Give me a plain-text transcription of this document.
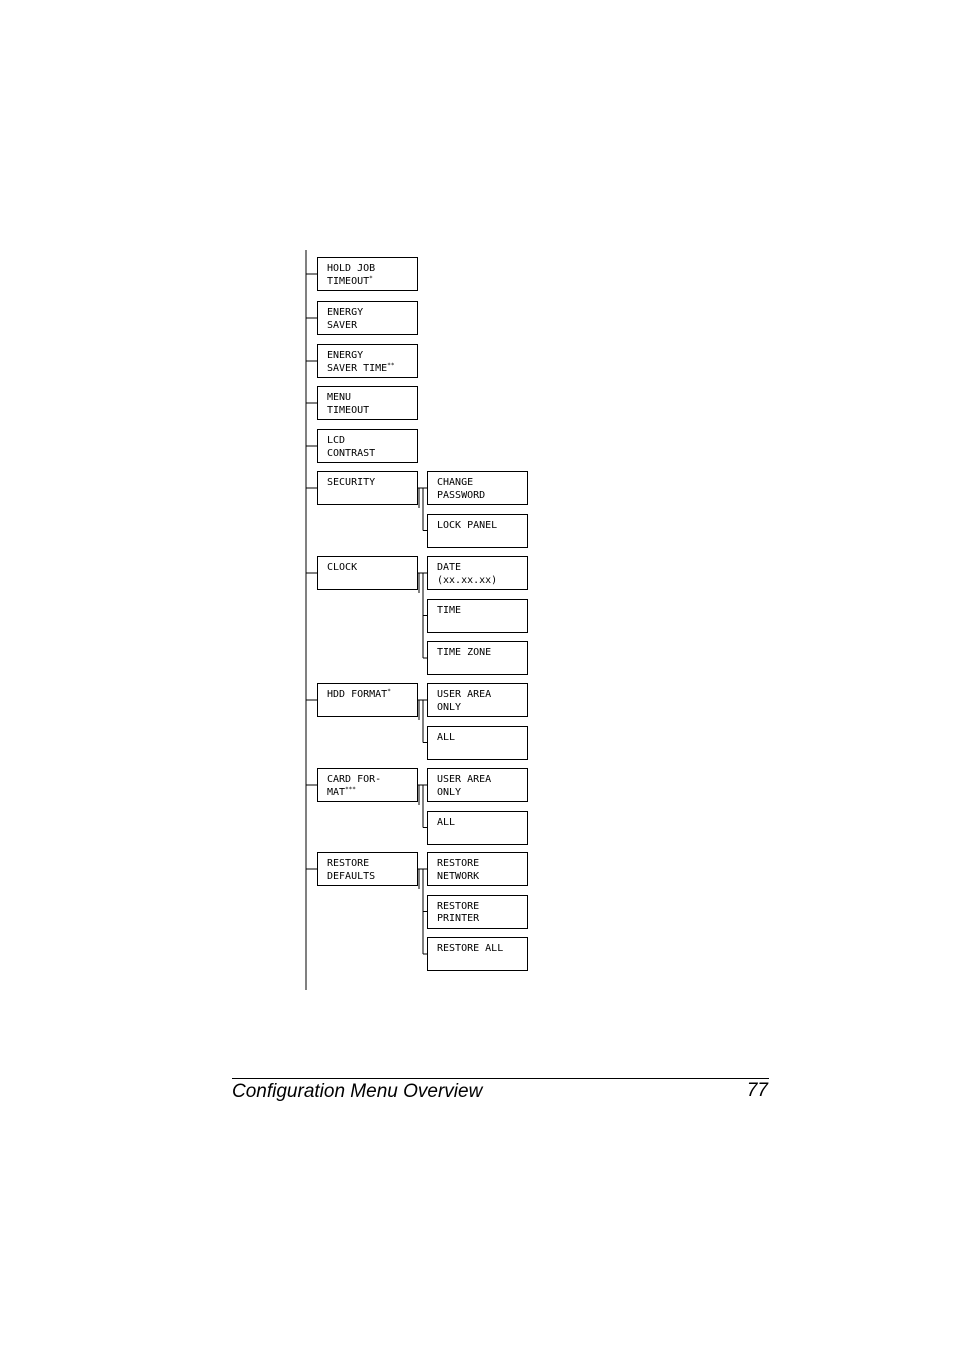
HOLD JOB
TIMEOUT*
ENERGY
SAVER
ENERGY
SAVER TIME**
MENU
TIMEOUT
LCD
CONTRAST
SECURITY	CHANGE
PASSWORD
LOCK PANEL
CLOCK	DATE
(xx.xx.xx)
TIME
TIME ZONE
HDD FORMAT*	USER AREA
ONLY
ALL
CARD FOR-
MAT***
USER AREA
ONLY
ALL
RESTORE
DEFAULTS
RESTORE
NETWORK
RESTORE
PRINTER
RESTORE ALL
Configuration Menu Overview	77
